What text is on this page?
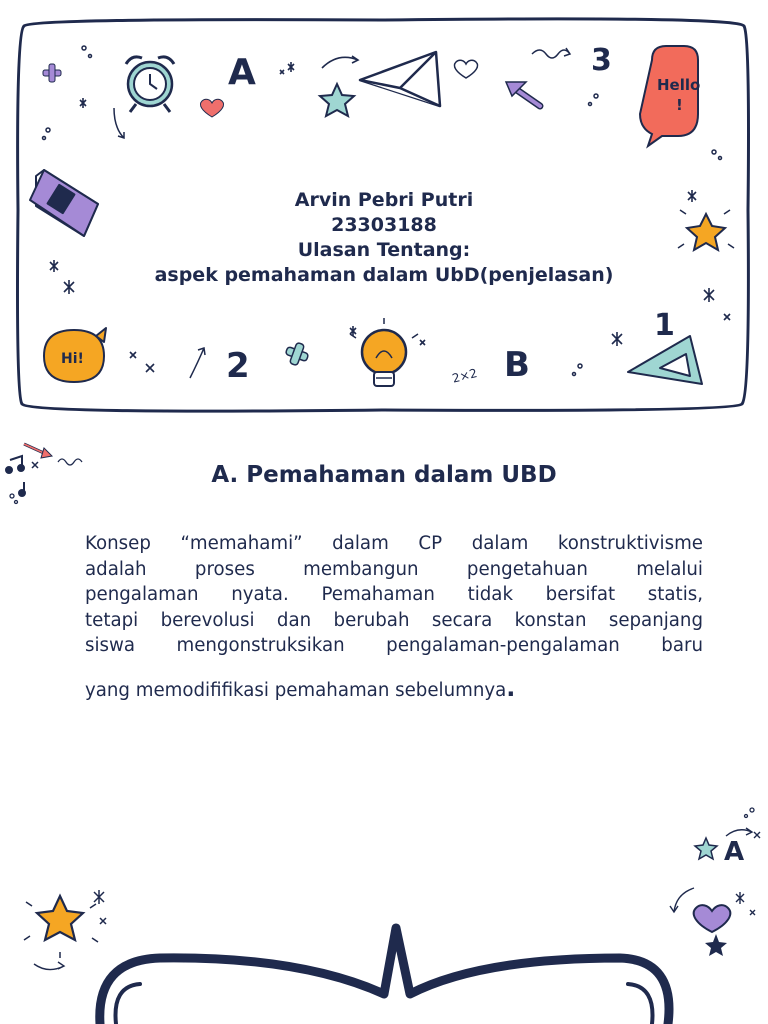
A	3
Hello
!
Hi!	2	2×2 B
1
Arvin Pebri Putri
23303188
Ulasan Tentang:
aspek pemahaman dalam UbD(penjelasan)
A. Pemahaman dalam UBD
Konsep “memahami” dalam CP dalam konstruktivisme
adalah proses membangun pengetahuan melalui
pengalaman nyata. Pemahaman tidak bersifat statis,
tetapi berevolusi dan berubah secara konstan sepanjang
siswa mengonstruksikan pengalaman-pengalaman baru
yang memodififikasi pemahaman sebelumnya.
A
